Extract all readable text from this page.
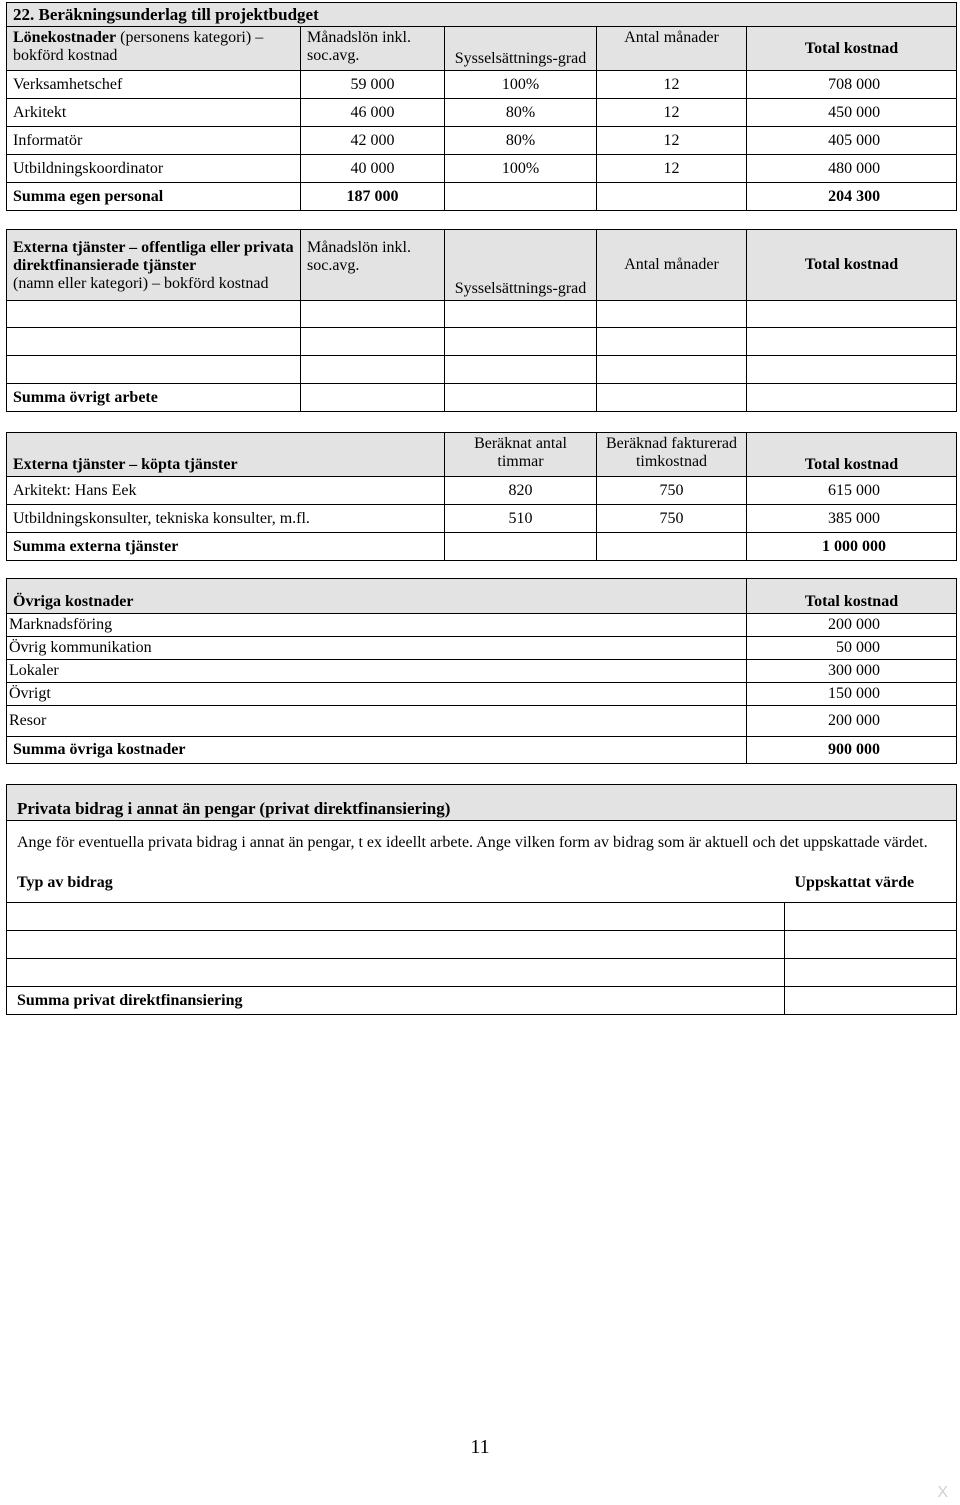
22. Beräkningsunderlag till projektbudget				
Lönekostnader (personens kategori) – bokförd kostnad	Månadslön inkl. soc.avg.	Sysselsättnings-grad	Antal månader	Total kostnad
Verksamhetschef	59 000	100%	12	708 000
Arkitekt	46 000	80%	12	450 000
Informatör	42 000	80%	12	405 000
Utbildningskoordinator	40 000	100%	12	480 000
Summa egen personal	187 000			204 300
Externa tjänster – offentliga eller privata direktfinansierade tjänster
(namn eller kategori) – bokförd kostnad	Månadslön inkl. soc.avg.	Sysselsättnings-grad	Antal månader	Total kostnad

Summa övrigt arbete				
Externa tjänster – köpta tjänster	Beräknat antal timmar	Beräknad fakturerad timkostnad	Total kostnad
Arkitekt: Hans Eek	820	750	615 000
Utbildningskonsulter, tekniska konsulter, m.fl.	510	750	385 000
Summa externa tjänster			1 000 000
Övriga kostnader	Total kostnad
Marknadsföring	200 000
Övrig kommunikation	50 000
Lokaler	300 000
Övrigt	150 000
Resor	200 000
Summa övriga kostnader	900 000
Privata bidrag i annat än pengar (privat direktfinansiering)	
Ange för eventuella privata bidrag i annat än pengar, t ex ideellt arbete. Ange vilken form av bidrag som är aktuell och det uppskattade värdet.	
Typ av bidrag	Uppskattat värde

Summa privat direktfinansiering	
11
X
